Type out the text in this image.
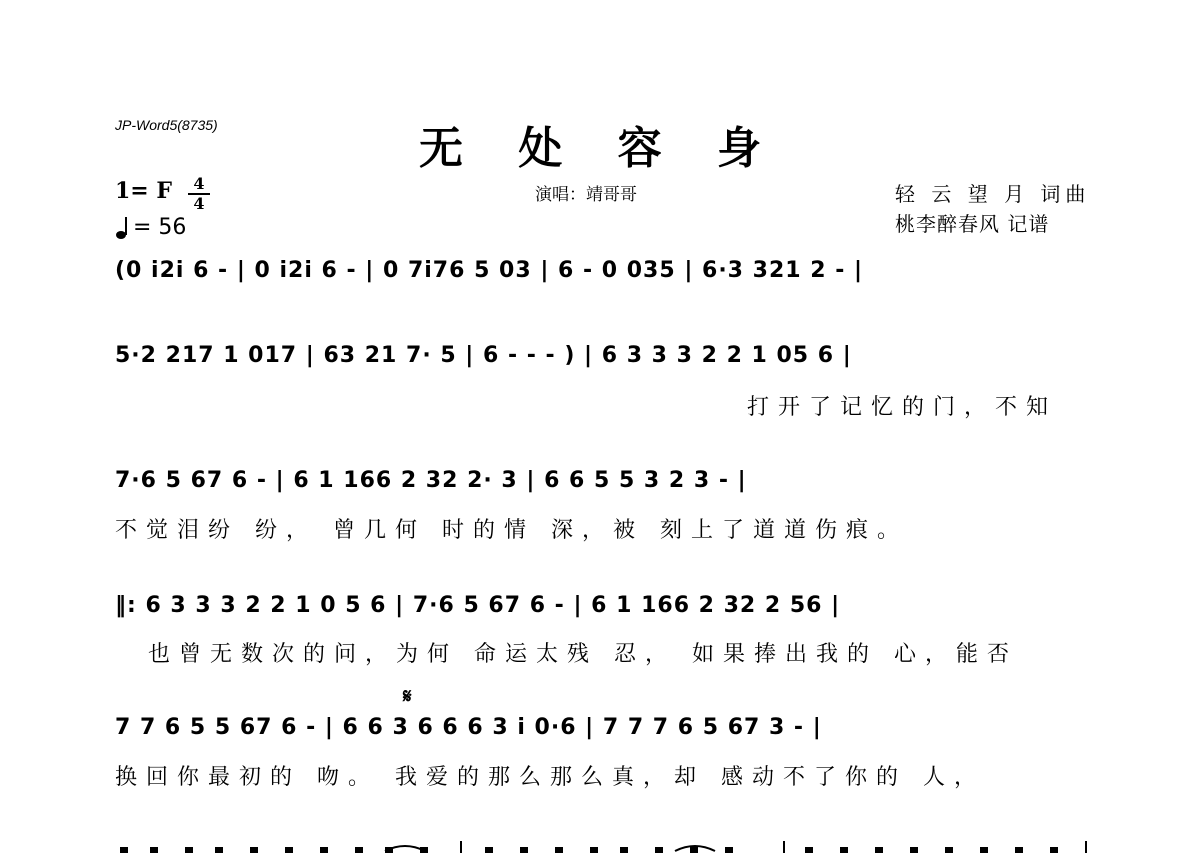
JP-Word5(8735)	无 处 容 身
演唱：靖哥哥	轻 云 望 月 词曲
桃李醉春风 记谱
1= F	4
4
= 56
(0 i2i 6 - | 0 i2i 6 - | 0 7i76 5 03 | 6 - 0 035 | 6·3 321 2 - |
5·2 217 1 017 | 63 21 7· 5 | 6 - - - ) | 6 3 3 3 2 2 1 05 6 |
打开了记忆的门，不知
7·6 5 67 6 - | 6 1 166 2 32 2· 3 | 6 6 5 5 3 2 3 - |
不觉泪纷 纷， 曾几何 时的情 深，被 刻上了道道伤痕。
‖: 6 3 3 3 2 2 1 0 5 6 | 7·6 5 67 6 - | 6 1 166 2 32 2 56 |
也曾无数次的问，为何 命运太残 忍， 如果捧出我的 心，能否
𝄋
7 7 6 5 5 67 6 - | 6 6 3 6 6 6 3 i 0·6 | 7 7 7 6 5 67 3 - |
换回你最初的 吻。 我爱的那么那么真，却 感动不了你的 人，
